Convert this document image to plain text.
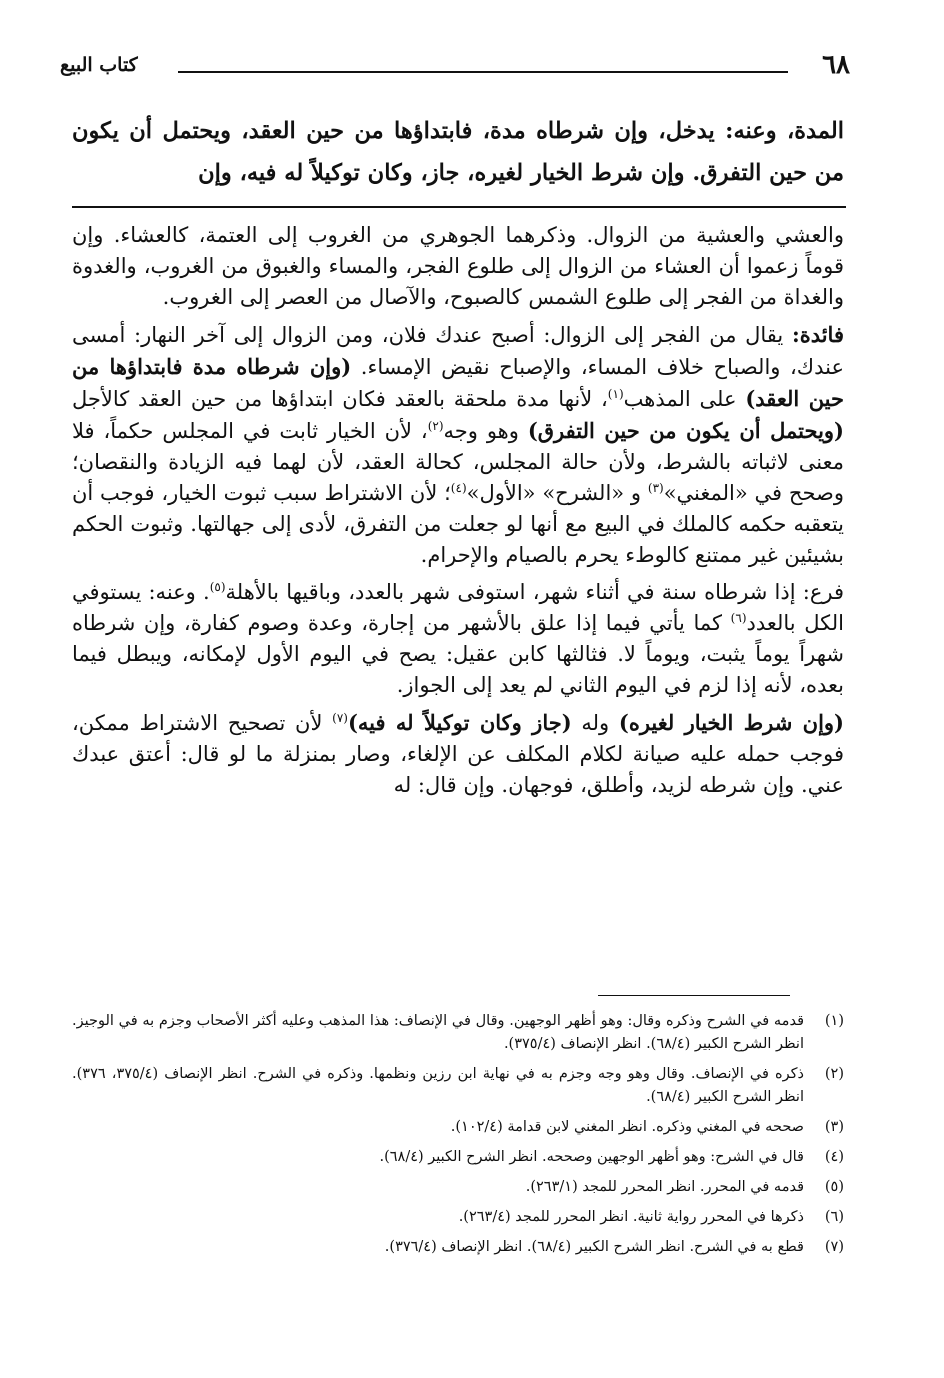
٦٨
كتاب البيع
المدة، وعنه: يدخل، وإن شرطاه مدة، فابتداؤها من حين العقد، ويحتمل أن يكون من حين التفرق. وإن شرط الخيار لغيره، جاز، وكان توكيلاً له فيه، وإن

والعشي والعشية من الزوال. وذكرهما الجوهري من الغروب إلى العتمة، كالعشاء. وإن قوماً زعموا أن العشاء من الزوال إلى طلوع الفجر، والمساء والغبوق من الغروب، والغدوة والغداة من الفجر إلى طلوع الشمس كالصبوح، والآصال من العصر إلى الغروب.

فائدة: يقال من الفجر إلى الزوال: أصبح عندك فلان، ومن الزوال إلى آخر النهار: أمسى عندك، والصباح خلاف المساء، والإصباح نقيض الإمساء. (وإن شرطاه مدة فابتداؤها من حين العقد) على المذهب$^{(١)}$، لأنها مدة ملحقة بالعقد فكان ابتداؤها من حين العقد كالأجل (ويحتمل أن يكون من حين التفرق) وهو وجه$^{(٢)}$، لأن الخيار ثابت في المجلس حكماً، فلا معنى لاثباته بالشرط، ولأن حالة المجلس، كحالة العقد، لأن لهما فيه الزيادة والنقصان؛ وصحح في «المغني»$^{(٣)}$ و «الشرح» «الأول»$^{(٤)}$؛ لأن الاشتراط سبب ثبوت الخيار، فوجب أن يتعقبه حكمه كالملك في البيع مع أنها لو جعلت من التفرق، لأدى إلى جهالتها. وثبوت الحكم بشيئين غير ممتنع كالوطء يحرم بالصيام والإحرام.

فرع: إذا شرطاه سنة في أثناء شهر، استوفى شهر بالعدد، وباقيها بالأهلة$^{(٥)}$. وعنه: يستوفي الكل بالعدد$^{(٦)}$ كما يأتي فيما إذا علق بالأشهر من إجارة، وعدة وصوم كفارة، وإن شرطاه شهراً يوماً يثبت، ويوماً لا. فثالثها كابن عقيل: يصح في اليوم الأول لإمكانه، ويبطل فيما بعده، لأنه إذا لزم في اليوم الثاني لم يعد إلى الجواز.

(وإن شرط الخيار لغيره) وله (جاز وكان توكيلاً له فيه)$^{(٧)}$ لأن تصحيح الاشتراط ممكن، فوجب حمله عليه صيانة لكلام المكلف عن الإلغاء، وصار بمنزلة ما لو قال: أعتق عبدك عني. وإن شرطه لزيد، وأطلق، فوجهان. وإن قال: له

(١)
قدمه في الشرح وذكره وقال: وهو أظهر الوجهين. وقال في الإنصاف: هذا المذهب وعليه أكثر الأصحاب وجزم به في الوجيز. انظر الشرح الكبير (٦٨/٤). انظر الإنصاف (٣٧٥/٤).
(٢)
ذكره في الإنصاف. وقال وهو وجه وجزم به في نهاية ابن رزين ونظمها. وذكره في الشرح. انظر الإنصاف (٣٧٥/٤، ٣٧٦). انظر الشرح الكبير (٦٨/٤).
(٣)
صححه في المغني وذكره. انظر المغني لابن قدامة (١٠٢/٤).
(٤)
قال في الشرح: وهو أظهر الوجهين وصححه. انظر الشرح الكبير (٦٨/٤).
(٥)
قدمه في المحرر. انظر المحرر للمجد (٢٦٣/١).
(٦)
ذكرها في المحرر رواية ثانية. انظر المحرر للمجد (٢٦٣/٤).
(٧)
قطع به في الشرح. انظر الشرح الكبير (٦٨/٤). انظر الإنصاف (٣٧٦/٤).
